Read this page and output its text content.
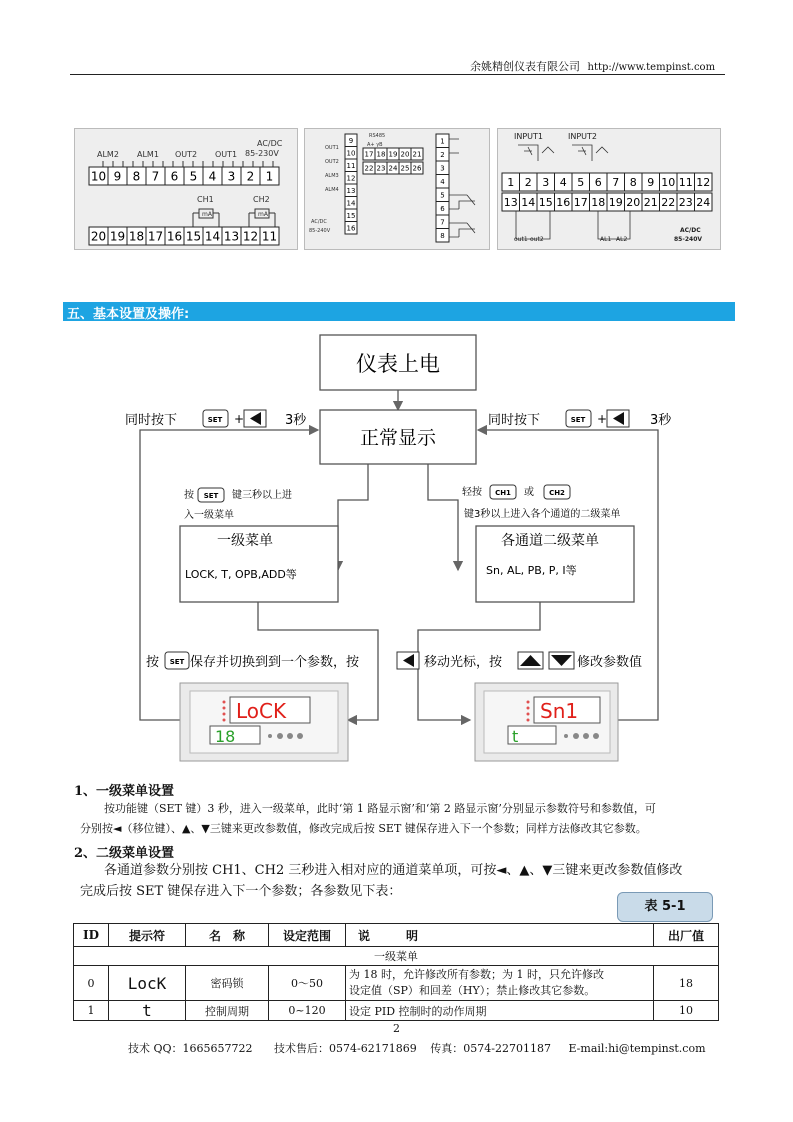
余姚精创仪表有限公司 http://www.tempinst.com
ALM2 ALM1 OUT2 OUT1
AC/DC
85-230V
10 9 8 7 6 5 4 3 2 1
CH1	CH2
mA	mA
20 19 18 17 16 15 14 13 12 11
RS485
A+ γB
OUT1
OUT2
ALM3
ALM4
AC/DC
85-240V
9
10
11
12
13
14
15
16
17 18 19 20 21
22 23 24 25 26
1
2
3
4
5
6
7
8
INPUT1	INPUT2
1 2 3 4 5 6 7 8 9 10 11 12
13 14 15 16 17 18 19 20 21 22 23 24
out1 out2	AL1 AL2
AC/DC
85-240V
五、基本设置及操作:
仪表上电
正常显示
一级菜单
LOCK, T, OPB,ADD等
各通道二级菜单
Sn, AL, PB, P, I等
同时按下	SET +	3秒	同时按下	SET +	3秒
按 SET 键三秒以上进
入一级菜单
轻按 CH1 或 CH2
键3秒以上进入各个通道的二级菜单
按 SET 保存并切换到到一个参数，按	移动光标，按	修改参数值
LoCK
18
Sn1
t
1、一级菜单设置
按功能键（SET 键）3 秒，进入一级菜单，此时‘第 1 路显示窗’和‘第 2 路显示窗’分别显示参数符号和参数值，可
分别按◄（移位键）、▲、▼三键来更改参数值，修改完成后按 SET 键保存进入下一个参数；同样方法修改其它参数。
2、二级菜单设置
各通道参数分别按 CH1、CH2 三秒进入相对应的通道菜单项，可按◄、▲、▼三键来更改参数值修改
完成后按 SET 键保存进入下一个参数；各参数见下表：
表 5-1
ID	提示符	名　称	设定范围	说　　　明	出厂值
一级菜单					
0	LocK	密码锁	0～50	为 18 时，允许修改所有参数；为 1 时，只允许修改
设定值（SP）和回差（HY）；禁止修改其它参数。	18
1	t	控制周期	0~120	设定 PID 控制时的动作周期	10
2
技术 QQ：1665657722 技术售后：0574-62171869 传真：0574-22701187 E-mail:hi@tempinst.com
